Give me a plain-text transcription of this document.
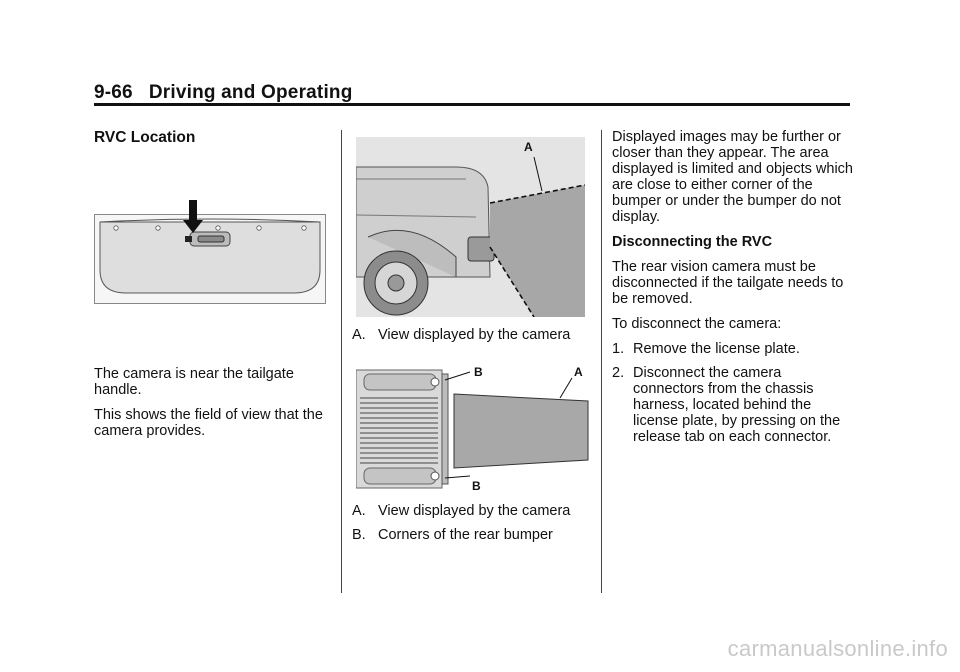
9-66 Driving and Operating
RVC Location

The camera is near the tailgate handle.

This shows the field of view that the camera provides.

A
A. View displayed by the camera
B	A
B
A. View displayed by the camera
B. Corners of the rear bumper

Displayed images may be further or closer than they appear. The area displayed is limited and objects which are close to either corner of the bumper or under the bumper do not display.

Disconnecting the RVC

The rear vision camera must be disconnected if the tailgate needs to be removed.

To disconnect the camera:

1. Remove the license plate.
2. Disconnect the camera connectors from the chassis harness, located behind the license plate, by pressing on the release tab on each connector.
carmanualsonline.info
